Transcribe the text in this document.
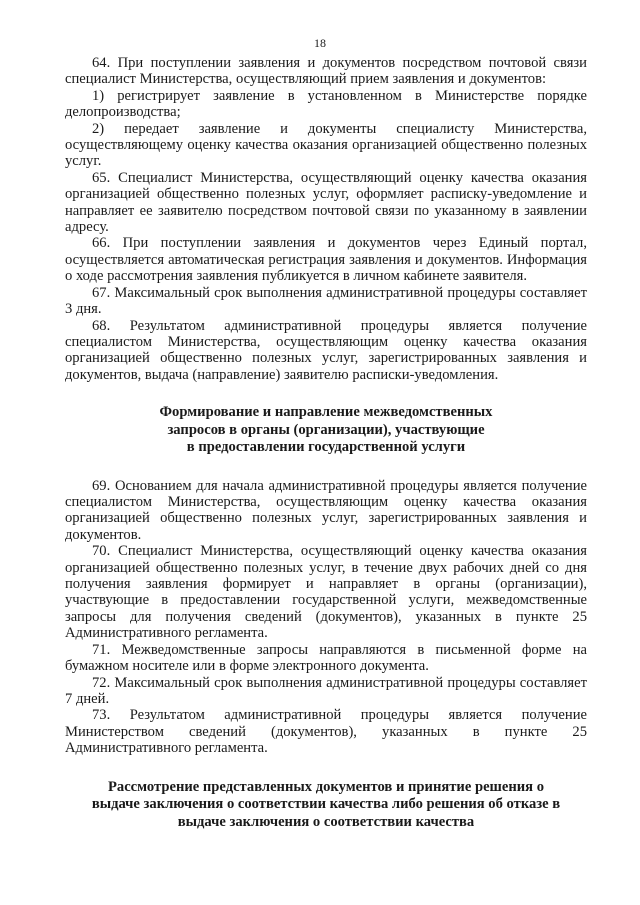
18

64. При поступлении заявления и документов посредством почтовой связи специалист Министерства, осуществляющий прием заявления и документов:

1) регистрирует заявление в установленном в Министерстве порядке делопроизводства;

2) передает заявление и документы специалисту Министерства, осуществляющему оценку качества оказания организацией общественно полезных услуг.

65. Специалист Министерства, осуществляющий оценку качества оказания организацией общественно полезных услуг, оформляет расписку-уведомление и направляет ее заявителю посредством почтовой связи по указанному в заявлении адресу.

66. При поступлении заявления и документов через Единый портал, осуществляется автоматическая регистрация заявления и документов. Информация о ходе рассмотрения заявления публикуется в личном кабинете заявителя.

67. Максимальный срок выполнения административной процедуры составляет 3 дня.

68. Результатом административной процедуры является получение специалистом Министерства, осуществляющим оценку качества оказания организацией общественно полезных услуг, зарегистрированных заявления и документов, выдача (направление) заявителю расписки-уведомления.

Формирование и направление межведомственных

запросов в органы (организации), участвующие

в предоставлении государственной услуги

69. Основанием для начала административной процедуры является получение специалистом Министерства, осуществляющим оценку качества оказания организацией общественно полезных услуг, зарегистрированных заявления и документов.

70. Специалист Министерства, осуществляющий оценку качества оказания организацией общественно полезных услуг, в течение двух рабочих дней со дня получения заявления формирует и направляет в органы (организации), участвующие в предоставлении государственной услуги, межведомственные запросы для получения сведений (документов), указанных в пункте 25 Административного регламента.

71. Межведомственные запросы направляются в письменной форме на бумажном носителе или в форме электронного документа.

72. Максимальный срок выполнения административной процедуры составляет 7 дней.

73. Результатом административной процедуры является получение Министерством сведений (документов), указанных в пункте 25 Административного регламента.

Рассмотрение представленных документов и принятие решения о

выдаче заключения о соответствии качества либо решения об отказе в

выдаче заключения о соответствии качества
